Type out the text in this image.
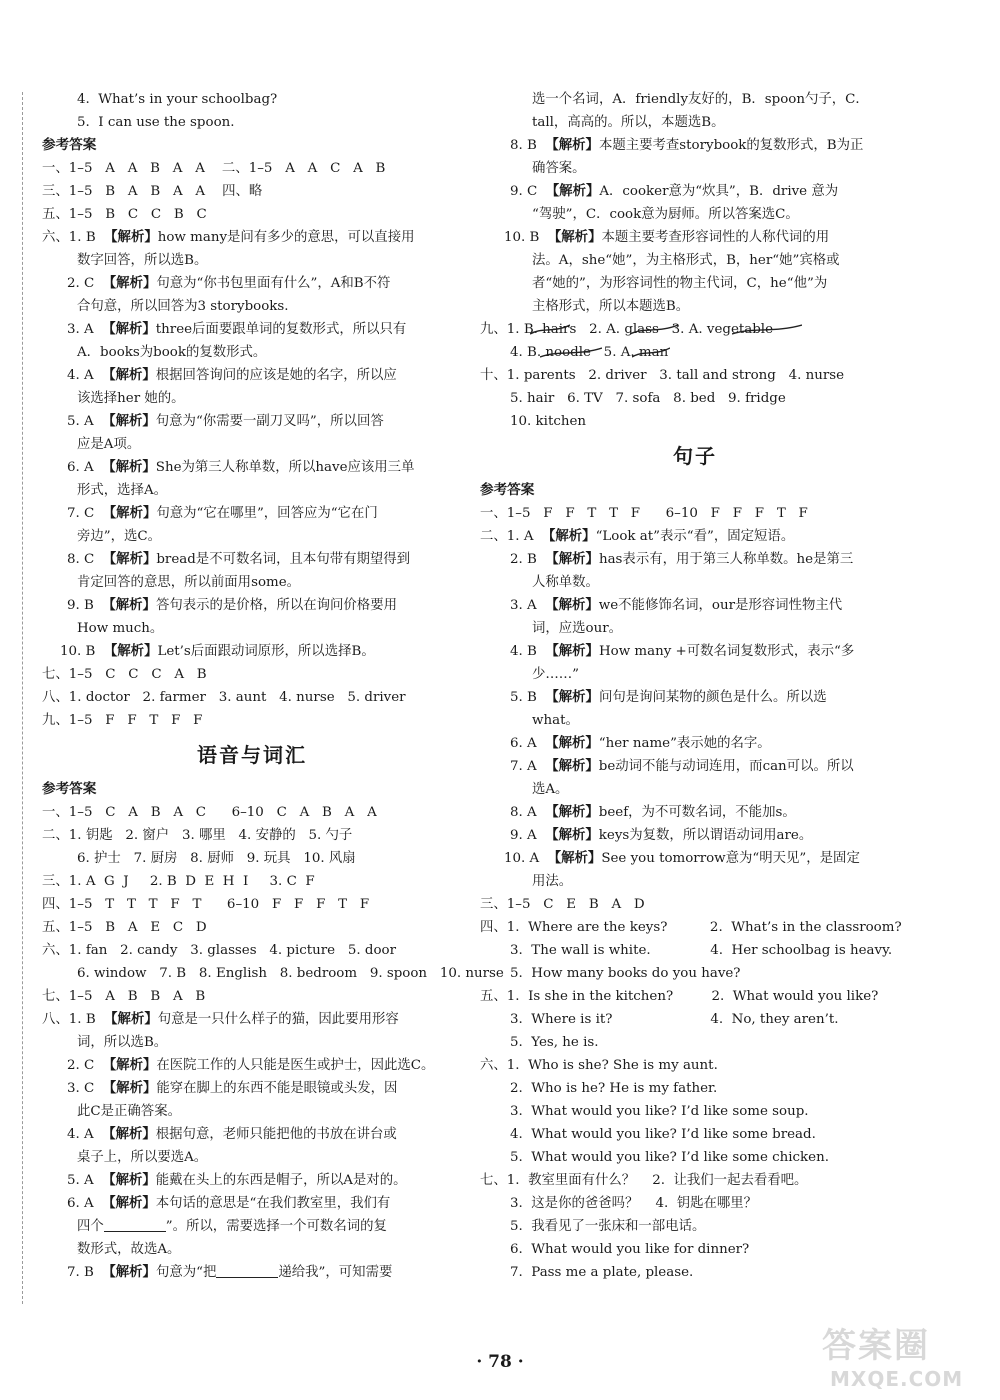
4.  What’s in your schoolbag?
5.  I can use the spoon.
参考答案
一、1–5   A   A   B   A   A    二、1–5   A   A   C   A   B
三、1–5   B   A   B   A   A    四、略
五、1–5   B   C   C   B   C
六、1. B  【解析】how many是问有多少的意思，可以直接用
数字回答，所以选B。
2. C  【解析】句意为“你书包里面有什么”，A和B不符
合句意，所以回答为3 storybooks.
3. A  【解析】three后面要跟单词的复数形式，所以只有
A．books为book的复数形式。
4. A  【解析】根据回答询问的应该是她的名字，所以应
该选择her 她的。
5. A  【解析】句意为“你需要一副刀叉吗”，所以回答
应是A项。
6. A  【解析】She为第三人称单数，所以have应该用三单
形式，选择A。
7. C  【解析】句意为“它在哪里”，回答应为“它在门
旁边”，选C。
8. C  【解析】bread是不可数名词，且本句带有期望得到
肯定回答的意思，所以前面用some。
9. B  【解析】答句表示的是价格，所以在询问价格要用
How much。
10. B  【解析】Let’s后面跟动词原形，所以选择B。
七、1–5   C   C   C   A   B
八、1. doctor   2. farmer   3. aunt   4. nurse   5. driver
九、1–5   F   F   T   F   F
语音与词汇
参考答案
一、1–5   C   A   B   A   C      6–10   C   A   B   A   A
二、1. 钥匙   2. 窗户   3. 哪里   4. 安静的   5. 勺子
6. 护士   7. 厨房   8. 厨师   9. 玩具   10. 风扇
三、1. A  G  J     2. B  D  E  H  I     3. C  F
四、1–5   T   T   T   F   T      6–10   F   F   F   T   F
五、1–5   B   A   E   C   D
六、1. fan   2. candy   3. glasses   4. picture   5. door
6. window   7. B   8. English   8. bedroom   9. spoon   10. nurse
七、1–5   A   B   B   A   B
八、1. B  【解析】句意是一只什么样子的猫，因此要用形容
词，所以选B。
2. C  【解析】在医院工作的人只能是医生或护士，因此选C。
3. C  【解析】能穿在脚上的东西不能是眼镜或头发，因
此C是正确答案。
4. A  【解析】根据句意，老师只能把他的书放在讲台或
桌子上，所以要选A。
5. A  【解析】能戴在头上的东西是帽子，所以A是对的。
6. A  【解析】本句话的意思是“在我们教室里，我们有
四个	”。所以，需要选择一个可数名词的复
数形式，故选A。
7. B  【解析】句意为“把	递给我”，可知需要
选一个名词，A．friendly友好的，B．spoon勺子，C．
tall，高高的。所以，本题选B。
8. B  【解析】本题主要考查storybook的复数形式，B为正
确答案。
9. C  【解析】A．cooker意为“炊具”，B．drive 意为
“驾驶”，C．cook意为厨师。所以答案选C。
10. B  【解析】本题主要考查形容词性的人称代词的用
法。A，she“她”，为主格形式，B，her“她”宾格或
者“她的”，为形容词性的物主代词，C，he“他”为
主格形式，所以本题选B。
九、1. B. hairs   2. A. glass   3. A. vegetable
4. B. noodle   5. A. man
十、1. parents   2. driver   3. tall and strong   4. nurse
5. hair   6. TV   7. sofa   8. bed   9. fridge
10. kitchen
句子
参考答案
一、1–5   F   F   T   T   F      6–10   F   F   F   T   F
二、1. A  【解析】“Look at”表示“看”，固定短语。
2. B  【解析】has表示有，用于第三人称单数。he是第三
人称单数。
3. A  【解析】we不能修饰名词，our是形容词性物主代
词，应选our。
4. B  【解析】How many +可数名词复数形式，表示“多
少……”
5. B  【解析】问句是询问某物的颜色是什么。所以选
what。
6. A  【解析】“her name”表示她的名字。
7. A  【解析】be动词不能与动词连用，而can可以。所以
选A。
8. A  【解析】beef，为不可数名词，不能加s。
9. A  【解析】keys为复数，所以谓语动词用are。
10. A  【解析】See you tomorrow意为“明天见”，是固定
用法。
三、1–5   C   E   B   A   D
四、1.  Where are the keys?          2.  What’s in the classroom?
3.  The wall is white.              4.  Her schoolbag is heavy.
5.  How many books do you have?
五、1.  Is she in the kitchen?         2.  What would you like?
3.  Where is it?                       4.  No, they aren’t.
5.  Yes, he is.
六、1.  Who is she? She is my aunt.
2.  Who is he? He is my father.
3.  What would you like? I’d like some soup.
4.  What would you like? I’d like some bread.
5.  What would you like? I’d like some chicken.
七、1.  教室里面有什么？    2.  让我们一起去看看吧。
3.  这是你的爸爸吗？    4.  钥匙在哪里？
5.  我看见了一张床和一部电话。
6.  What would you like for dinner?
7.  Pass me a plate, please.
· 78 ·	答案圈
MXQE.COM
